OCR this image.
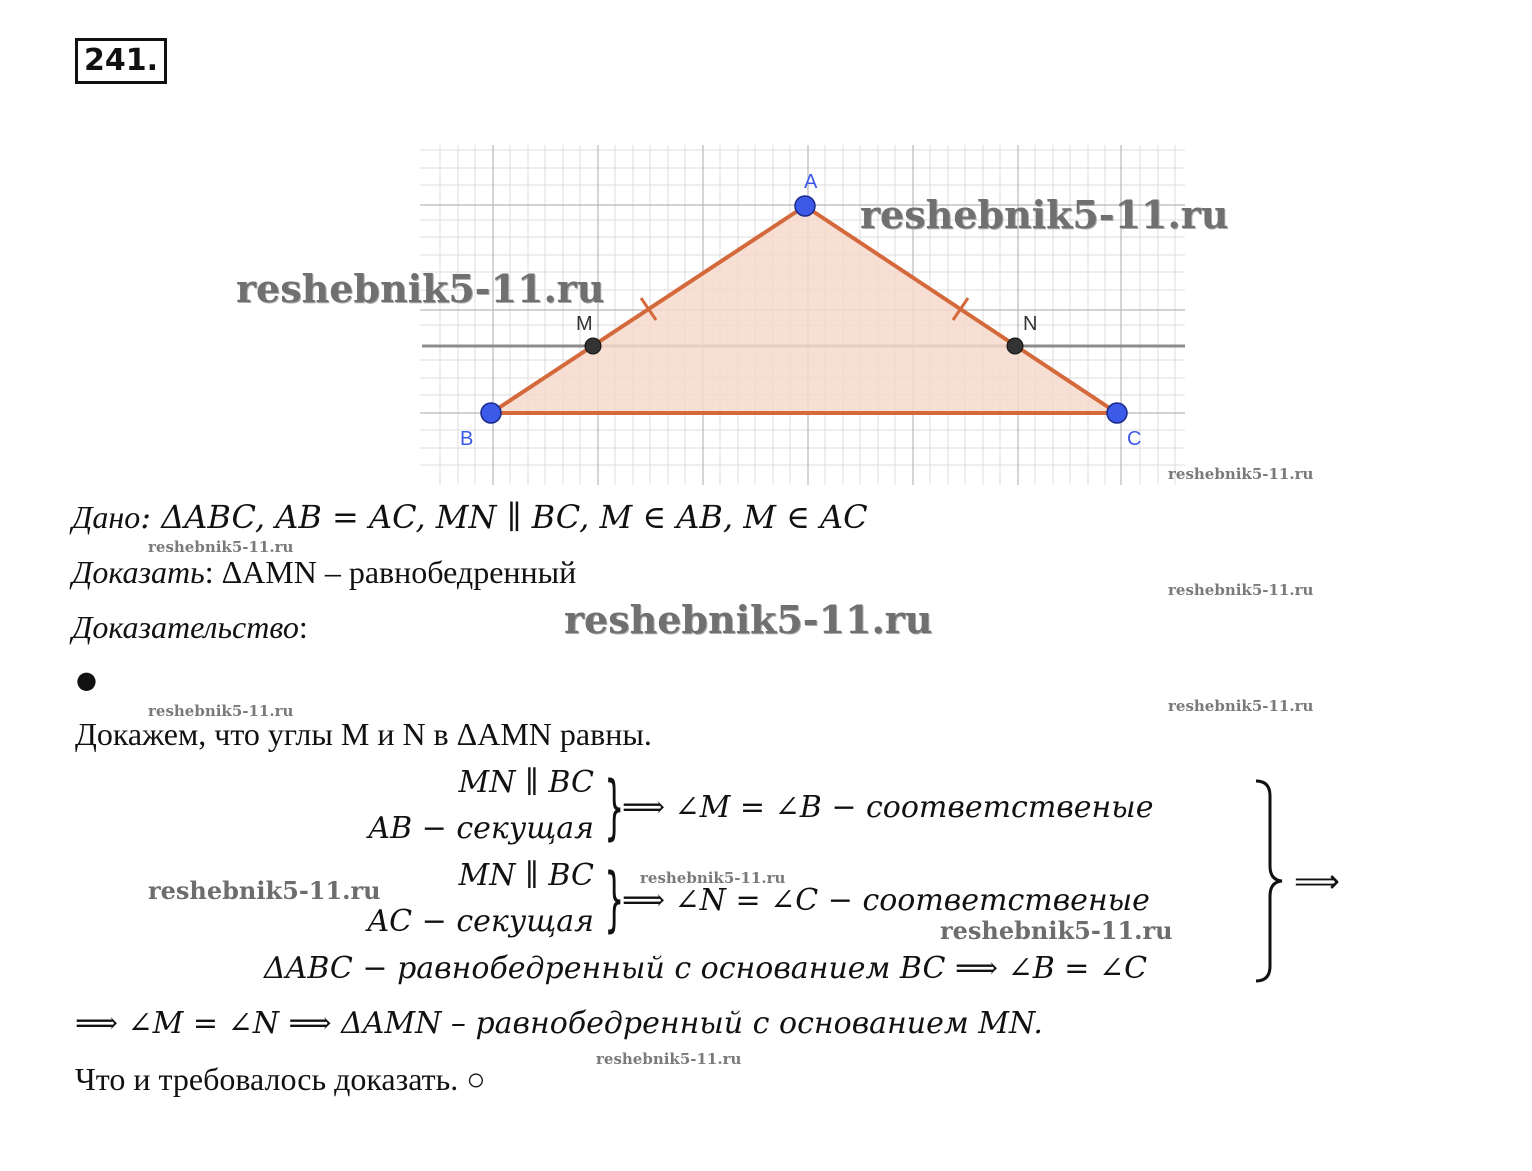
241.
A
B	C
M	N
reshebnik5-11.ru
reshebnik5-11.ru
reshebnik5-11.ru
reshebnik5-11.ru
reshebnik5-11.ru
reshebnik5-11.ru
reshebnik5-11.ru	reshebnik5-11.ru
reshebnik5-11.ru	reshebnik5-11.ru
reshebnik5-11.ru
reshebnik5-11.ru
Дано: ΔABC, AB = AC, MN ∥ BC, M ∈ AB, M ∈ AC
Доказать: ΔAMN – равнобедренный
Доказательство:
●
Докажем, что углы M и N в ΔAMN равны.
MN ∥ BC
AB − секущая }
⟹ ∠M = ∠B − соответственые
MN ∥ BC
AC − секущая }
⟹ ∠N = ∠C − соответственые
ΔABC − равнобедренный с основанием BC ⟹ ∠B = ∠C
⟹
⟹ ∠M = ∠N ⟹ ΔAMN – равнобедренный с основанием MN.
Что и требовалось доказать. ○
